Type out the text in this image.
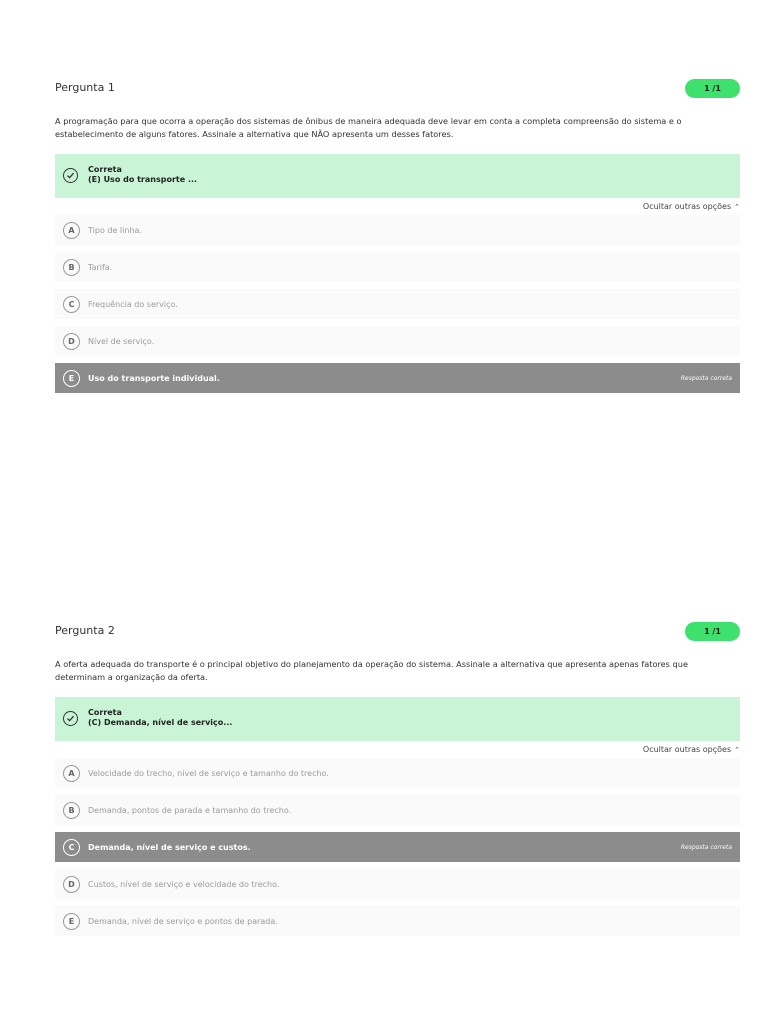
Pergunta 1	1 /1
A programação para que ocorra a operação dos sistemas de ônibus de maneira adequada deve levar em conta a completa compreensão do sistema e o estabelecimento de alguns fatores. Assinale a alternativa que NÃO apresenta um desses fatores.
Correta
(E) Uso do transporte ...
Ocultar outras opções ⌃
A	Tipo de linha.
B	Tarifa.
C	Frequência do serviço.
D	Nível de serviço.
E	Uso do transporte individual.	Resposta correta
Pergunta 2	1 /1
A oferta adequada do transporte é o principal objetivo do planejamento da operação do sistema. Assinale a alternativa que apresenta apenas fatores que determinam a organização da oferta.
Correta
(C) Demanda, nível de serviço...
Ocultar outras opções ⌃
A	Velocidade do trecho, nível de serviço e tamanho do trecho.
B	Demanda, pontos de parada e tamanho do trecho.
C	Demanda, nível de serviço e custos.	Resposta correta
D	Custos, nível de serviço e velocidade do trecho.
E	Demanda, nível de serviço e pontos de parada.
